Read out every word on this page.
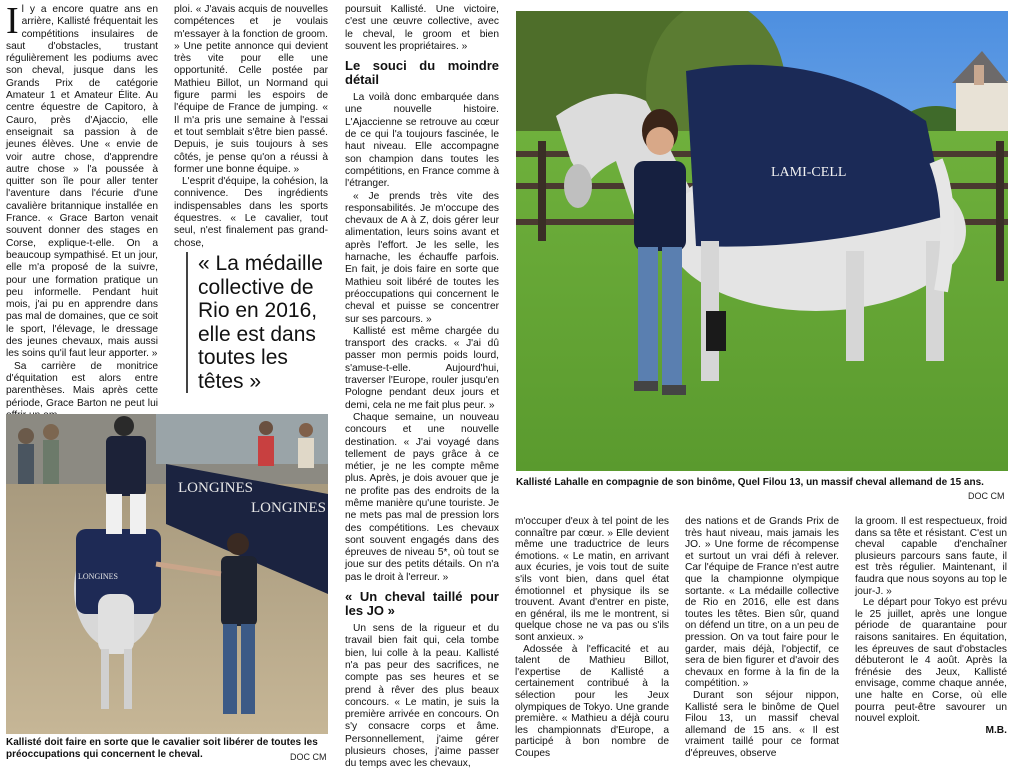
Il y a encore quatre ans en arrière, Kallisté fréquentait les compétitions insulaires de saut d'obstacles, trustant régulièrement les podiums avec son cheval, jusque dans les Grands Prix de catégorie Amateur 1 et Amateur Élite. Au centre équestre de Capitoro, à Cauro, près d'Ajaccio, elle enseignait sa passion à de jeunes élèves. Une « envie de voir autre chose, d'apprendre autre chose » l'a poussée à quitter son île pour aller tenter l'aventure dans l'écurie d'une cavalière britannique installée en France. « Grace Barton venait souvent donner des stages en Corse, explique-t-elle. On a beaucoup sympathisé. Et un jour, elle m'a proposé de la suivre, pour une formation pratique un peu informelle. Pendant huit mois, j'ai pu en apprendre dans pas mal de domaines, que ce soit le sport, l'élevage, le dressage des jeunes chevaux, mais aussi les soins qu'il faut leur apporter. »

Sa carrière de monitrice d'équitation est alors entre parenthèses. Mais après cette période, Grace Barton ne peut lui

ploi. « J'avais acquis de nouvelles compétences et je voulais m'essayer à la fonction de groom. » Une petite annonce qui devient très vite pour elle une opportunité. Celle postée par Mathieu Billot, un Normand qui figure parmi les espoirs de l'équipe de France de jumping. « Il m'a pris une semaine à l'essai et tout semblait s'être bien passé. Depuis, je suis toujours à ses côtés, je pense qu'on a réussi à former une bonne équipe. »

L'esprit d'équipe, la cohésion, la connivence. Des ingrédients indispensables dans les sports équestres. « Le cavalier, tout seul, n'est finalement pas grand-chose,

« La médaille collective de Rio en 2016, elle est dans toutes les têtes »

poursuit Kallisté. Une victoire, c'est une œuvre collective, avec le cheval, le groom et bien souvent les propriétaires. »

Le souci du moindre détail

La voilà donc embarquée dans une nouvelle histoire. L'Ajaccienne se retrouve au cœur de ce qui l'a toujours fascinée, le haut niveau. Elle accompagne son champion dans toutes les compétitions, en France comme à l'étranger.

« Je prends très vite des responsabilités. Je m'occupe des chevaux de A à Z, dois gérer leur alimentation, leurs soins avant et après l'effort. Je les selle, les harnache, les échauffe parfois. En fait, je dois faire en sorte que Mathieu soit libéré de toutes les préoccupations qui concernent le cheval et puisse se concentrer sur ses parcours. »

Kallisté est même chargée du transport des cracks. « J'ai dû passer mon permis poids lourd, s'amuse-t-elle. Aujourd'hui, traverser l'Europe, rouler jusqu'en Pologne pendant deux jours et demi, cela ne me fait plus peur. »

Chaque semaine, un nouveau concours et une nouvelle destination. « J'ai voyagé dans tellement de pays grâce à ce métier, je ne les compte même plus. Après, je dois avouer que je ne profite pas des endroits de la même manière qu'une touriste. Je ne mets pas mal de pression lors des compétitions. Les chevaux sont souvent engagés dans des épreuves de niveau 5*, où tout se joue sur des petits détails. On n'a pas le droit à l'erreur. »

« Un cheval taillé pour les JO »

Un sens de la rigueur et du travail bien fait qui, cela tombe bien, lui colle à la peau. Kallisté n'a pas peur des sacrifices, ne compte pas ses heures et se prend à rêver des plus beaux concours. « Le matin, je suis la première arrivée en concours. On s'y consacre corps et âme. Personnellement, j'aime gérer plusieurs choses, j'aime passer du temps avec les chevaux,

m'occuper d'eux à tel point de les connaître par cœur. » Elle devient même une traductrice de leurs émotions. « Le matin, en arrivant aux écuries, je vois tout de suite s'ils vont bien, dans quel état émotionnel et physique ils se trouvent. Avant d'entrer en piste, en général, ils me le montrent, si quelque chose ne va pas ou s'ils sont anxieux. »

Adossée à l'efficacité et au talent de Mathieu Billot, l'expertise de Kallisté a certainement contribué à la sélection pour les Jeux olympiques de Tokyo. Une grande première. « Mathieu a déjà couru les championnats d'Europe, a participé à bon nombre de Coupes

des nations et de Grands Prix de très haut niveau, mais jamais les JO. » Une forme de récompense et surtout un vrai défi à relever. Car l'équipe de France n'est autre que la championne olympique sortante. « La médaille collective de Rio en 2016, elle est dans toutes les têtes. Bien sûr, quand on défend un titre, on a un peu de pression. On va tout faire pour le garder, mais déjà, l'objectif, ce sera de bien figurer et d'avoir des chevaux en forme à la fin de la compétition. »

Durant son séjour nippon, Kallisté sera le binôme de Quel Filou 13, un massif cheval allemand de 15 ans. « Il est vraiment taillé pour ce format d'épreuves, observe

la groom. Il est respectueux, froid dans sa tête et résistant. C'est un cheval capable d'enchaîner plusieurs parcours sans faute, il est très régulier. Maintenant, il faudra que nous soyons au top le jour-J. »

Le départ pour Tokyo est prévu le 25 juillet, après une longue période de quarantaine pour raisons sanitaires. En équitation, les épreuves de saut d'obstacles débuteront le 4 août. Après la frénésie des Jeux, Kallisté envisage, comme chaque année, une halte en Corse, où elle pourra peut-être savourer un nouvel exploit.

M.B.
LONGINES
LONGINES
LONGINES
Kallisté doit faire en sorte que le cavalier soit libérer de toutes les préoccupations qui concernent le cheval.	DOC CM
LAMI-CELL
Kallisté Lahalle en compagnie de son binôme, Quel Filou 13, un massif cheval allemand de 15 ans.
DOC CM
